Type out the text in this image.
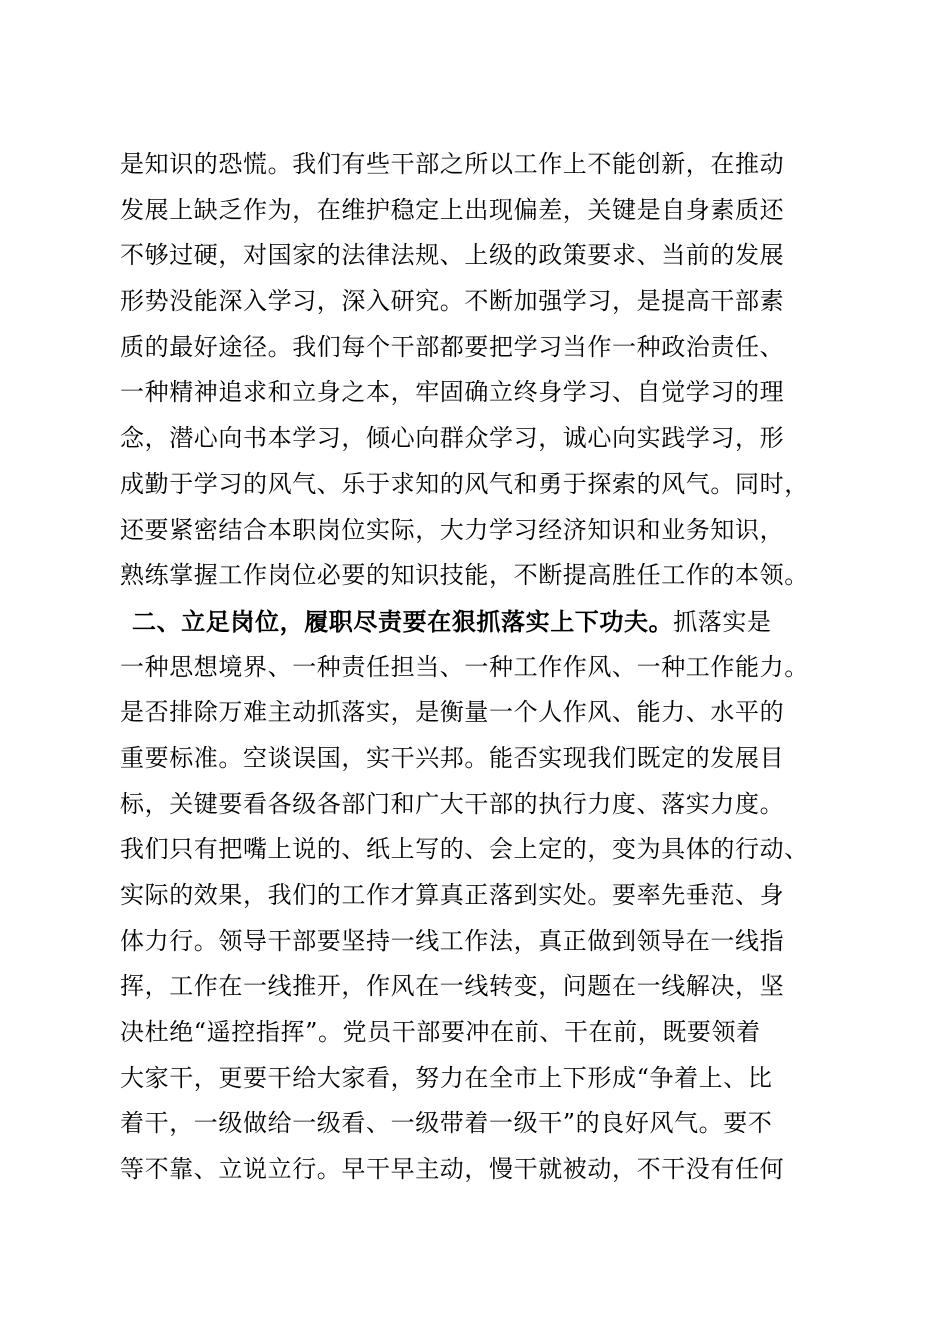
是知识的恐慌。我们有些干部之所以工作上不能创新，在推动
发展上缺乏作为，在维护稳定上出现偏差，关键是自身素质还
不够过硬，对国家的法律法规、上级的政策要求、当前的发展
形势没能深入学习，深入研究。不断加强学习，是提高干部素
质的最好途径。我们每个干部都要把学习当作一种政治责任、
一种精神追求和立身之本，牢固确立终身学习、自觉学习的理
念，潜心向书本学习，倾心向群众学习，诚心向实践学习，形
成勤于学习的风气、乐于求知的风气和勇于探索的风气。同时，
还要紧密结合本职岗位实际，大力学习经济知识和业务知识，
熟练掌握工作岗位必要的知识技能，不断提高胜任工作的本领。
二、立足岗位，履职尽责要在狠抓落实上下功夫。抓落实是
一种思想境界、一种责任担当、一种工作作风、一种工作能力。
是否排除万难主动抓落实，是衡量一个人作风、能力、水平的
重要标准。空谈误国，实干兴邦。能否实现我们既定的发展目
标，关键要看各级各部门和广大干部的执行力度、落实力度。
我们只有把嘴上说的、纸上写的、会上定的，变为具体的行动、
实际的效果，我们的工作才算真正落到实处。要率先垂范、身
体力行。领导干部要坚持一线工作法，真正做到领导在一线指
挥，工作在一线推开，作风在一线转变，问题在一线解决，坚
决杜绝“遥控指挥”。党员干部要冲在前、干在前，既要领着
大家干，更要干给大家看，努力在全市上下形成“争着上、比
着干，一级做给一级看、一级带着一级干”的良好风气。要不
等不靠、立说立行。早干早主动，慢干就被动，不干没有任何
